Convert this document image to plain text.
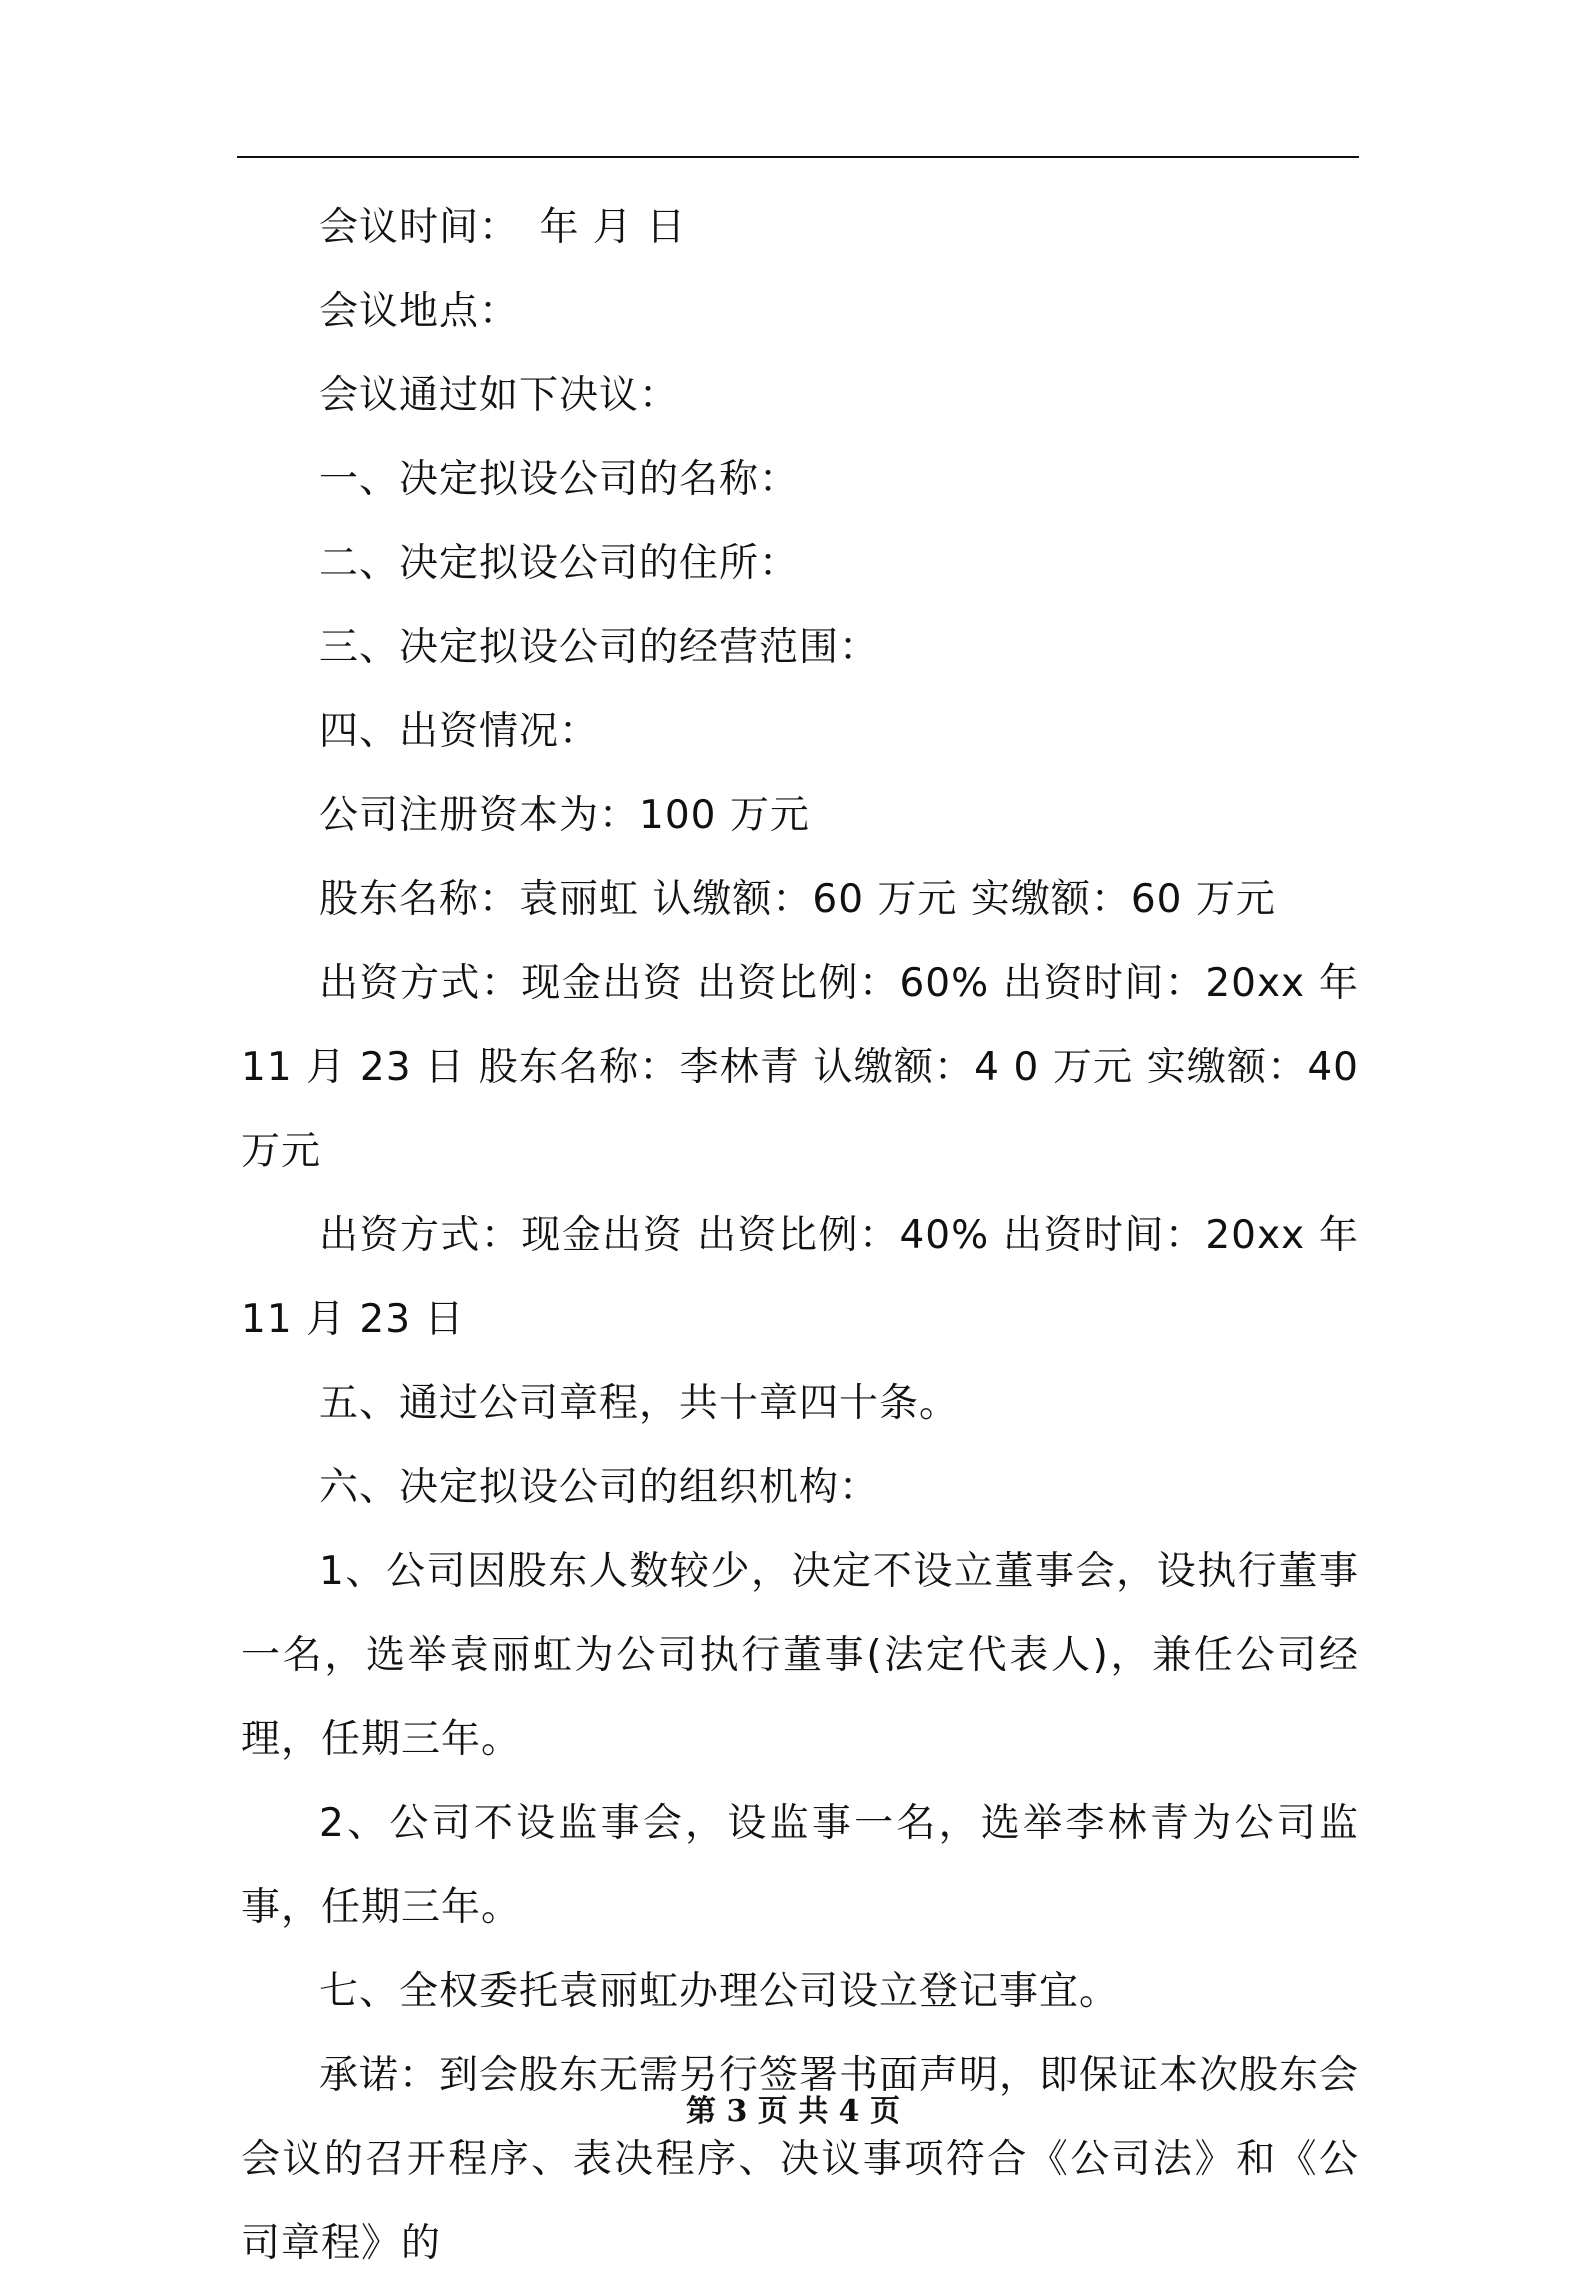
会议时间：　年 月 日

会议地点：

会议通过如下决议：

一、决定拟设公司的名称：

二、决定拟设公司的住所：

三、决定拟设公司的经营范围：

四、出资情况：

公司注册资本为：100 万元

股东名称：袁丽虹 认缴额：60 万元 实缴额：60 万元

出资方式：现金出资 出资比例：60% 出资时间：20xx 年 11 月 23 日 股东名称：李林青 认缴额：4 0 万元 实缴额：40 万元

出资方式：现金出资 出资比例：40% 出资时间：20xx 年 11 月 23 日

五、通过公司章程，共十章四十条。

六、决定拟设公司的组织机构：

1、公司因股东人数较少，决定不设立董事会，设执行董事一名，选举袁丽虹为公司执行董事(法定代表人)，兼任公司经理，任期三年。

2、公司不设监事会，设监事一名，选举李林青为公司监事，任期三年。

七、全权委托袁丽虹办理公司设立登记事宜。

承诺：到会股东无需另行签署书面声明，即保证本次股东会会议的召开程序、表决程序、决议事项符合《公司法》和《公司章程》的

第 3 页 共 4 页
